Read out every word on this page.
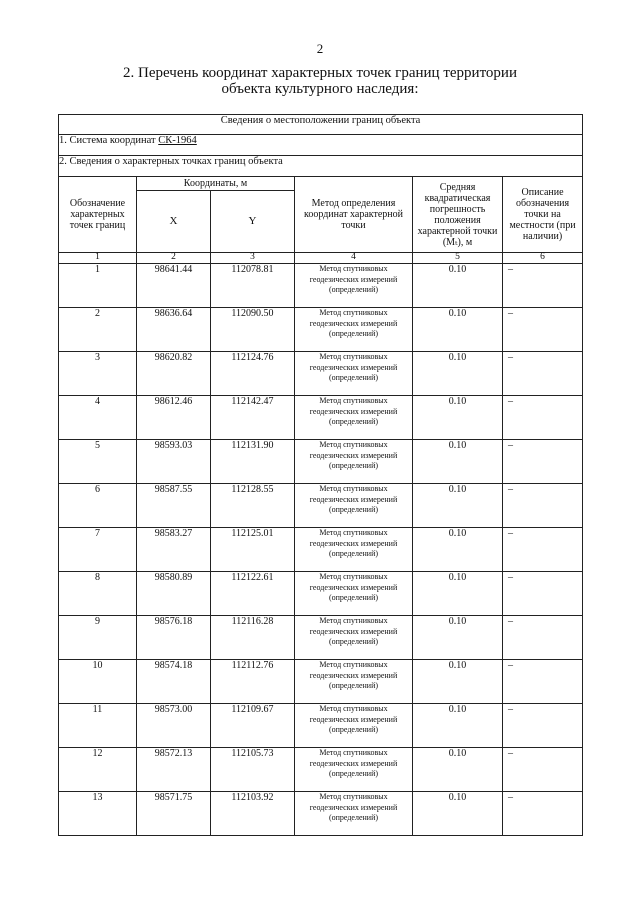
2
2. Перечень координат характерных точек границ территории
объекта культурного наследия:
Сведения о местоположении границ объекта					
1. Система координат СК-1964					
2. Сведения о характерных точках границ объекта					
Обозначение характерных точек границ	Координаты, м		Метод определения координат характерной точки	Средняя квадратическая погрешность положения характерной точки (Mₜ), м	Описание обозначения точки на местности (при наличии)
	X	Y			
1	2	3	4	5	6
1	98641.44	112078.81	Метод спутниковых геодезических измерений (определений)	0.10	–
2	98636.64	112090.50	Метод спутниковых геодезических измерений (определений)	0.10	–
3	98620.82	112124.76	Метод спутниковых геодезических измерений (определений)	0.10	–
4	98612.46	112142.47	Метод спутниковых геодезических измерений (определений)	0.10	–
5	98593.03	112131.90	Метод спутниковых геодезических измерений (определений)	0.10	–
6	98587.55	112128.55	Метод спутниковых геодезических измерений (определений)	0.10	–
7	98583.27	112125.01	Метод спутниковых геодезических измерений (определений)	0.10	–
8	98580.89	112122.61	Метод спутниковых геодезических измерений (определений)	0.10	–
9	98576.18	112116.28	Метод спутниковых геодезических измерений (определений)	0.10	–
10	98574.18	112112.76	Метод спутниковых геодезических измерений (определений)	0.10	–
11	98573.00	112109.67	Метод спутниковых геодезических измерений (определений)	0.10	–
12	98572.13	112105.73	Метод спутниковых геодезических измерений (определений)	0.10	–
13	98571.75	112103.92	Метод спутниковых геодезических измерений (определений)	0.10	–
